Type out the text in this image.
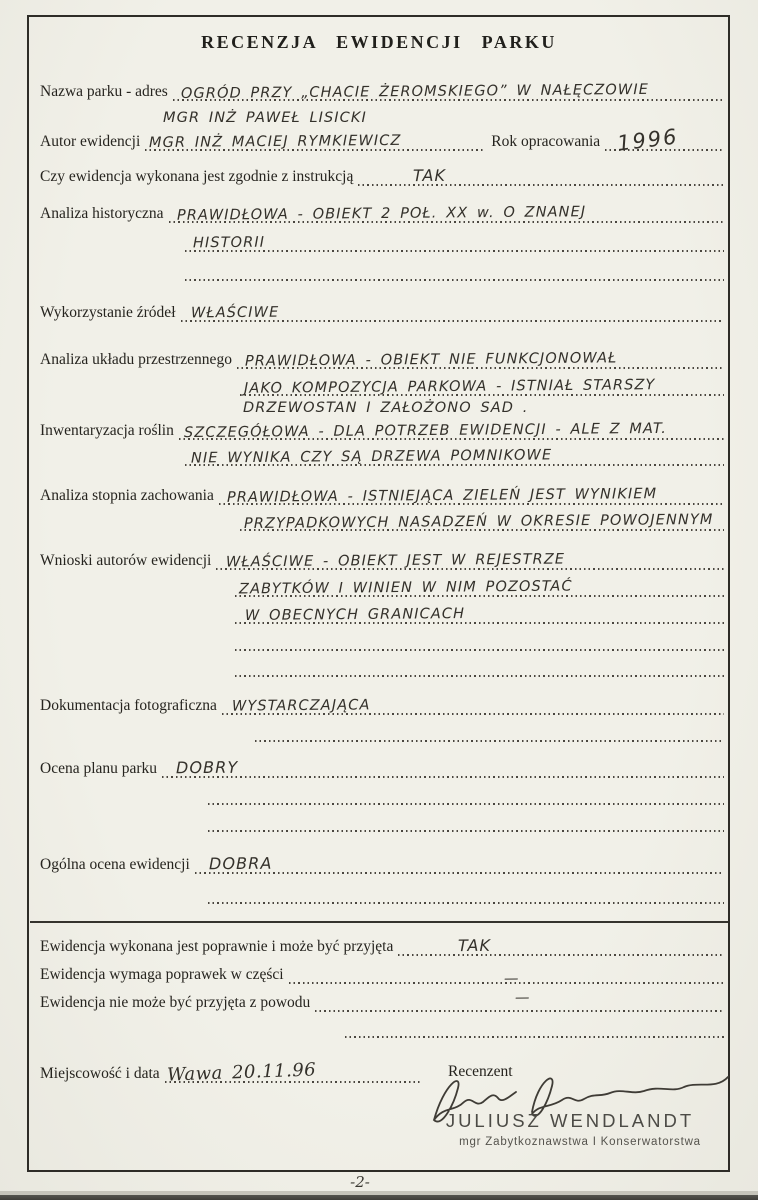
RECENZJA EWIDENCJI PARKU
Nazwa parku - adres OGRÓD PRZY „CHACIE ŻEROMSKIEGO” W NAŁĘCZOWIE
MGR INŻ PAWEŁ LISICKI
Autor ewidencji MGR INŻ MACIEJ RYMKIEWICZ	Rok opracowania 1996
Czy ewidencja wykonana jest zgodnie z instrukcją	TAK
Analiza historyczna PRAWIDŁOWA - OBIEKT 2 POŁ. XX w. O ZNANEJ
HISTORII
Wykorzystanie źródeł	WŁAŚCIWE
Analiza układu przestrzennego PRAWIDŁOWA - OBIEKT NIE FUNKCJONOWAŁ
JAKO KOMPOZYCJA PARKOWA - ISTNIAŁ STARSZY
DRZEWOSTAN I ZAŁOŻONO SAD .
Inwentaryzacja roślin SZCZEGÓŁOWA - DLA POTRZEB EWIDENCJI - ALE Z MAT.
NIE WYNIKA CZY SĄ DRZEWA POMNIKOWE
Analiza stopnia zachowania PRAWIDŁOWA - ISTNIEJĄCA ZIELEŃ JEST WYNIKIEM
PRZYPADKOWYCH NASADZEŃ W OKRESIE POWOJENNYM
Wnioski autorów ewidencji	WŁAŚCIWE - OBIEKT JEST W REJESTRZE
ZABYTKÓW I WINIEN W NIM POZOSTAĆ
W OBECNYCH GRANICACH
Dokumentacja fotograficzna	WYSTARCZAJĄCA
Ocena planu parku	DOBRY
Ogólna ocena ewidencji	DOBRA
Ewidencja wykonana jest poprawnie i może być przyjęta	TAK
Ewidencja wymaga poprawek w części	—
Ewidencja nie może być przyjęta z powodu	—
Miejscowość i data Wawa 20.11.96	Recenzent
JULIUSZ WENDLANDT
mgr Zabytkoznawstwa I Konserwatorstwa
-2-
